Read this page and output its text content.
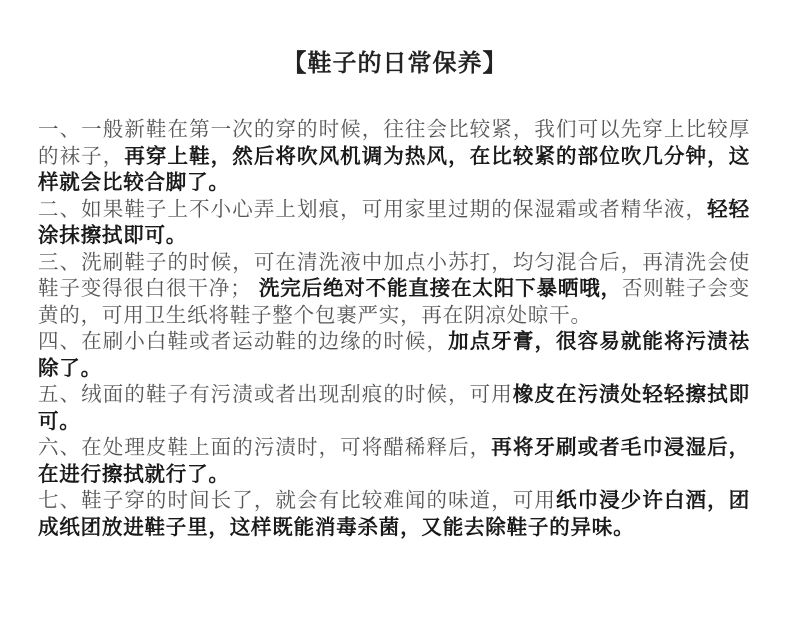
【鞋子的日常保养】

一、一般新鞋在第一次的穿的时候，往往会比较紧，我们可以先穿上比较厚的袜子，再穿上鞋，然后将吹风机调为热风，在比较紧的部位吹几分钟，这样就会比较合脚了。

二、如果鞋子上不小心弄上划痕，可用家里过期的保湿霜或者精华液，轻轻涂抹擦拭即可。

三、洗刷鞋子的时候，可在清洗液中加点小苏打，均匀混合后，再清洗会使鞋子变得很白很干净； 洗完后绝对不能直接在太阳下暴晒哦，否则鞋子会变黄的，可用卫生纸将鞋子整个包裹严实，再在阴凉处晾干。

四、在刷小白鞋或者运动鞋的边缘的时候，加点牙膏，很容易就能将污渍祛除了。

五、绒面的鞋子有污渍或者出现刮痕的时候，可用橡皮在污渍处轻轻擦拭即可。

六、在处理皮鞋上面的污渍时，可将醋稀释后，再将牙刷或者毛巾浸湿后，在进行擦拭就行了。

七、鞋子穿的时间长了，就会有比较难闻的味道，可用纸巾浸少许白酒，团成纸团放进鞋子里，这样既能消毒杀菌，又能去除鞋子的异味。
